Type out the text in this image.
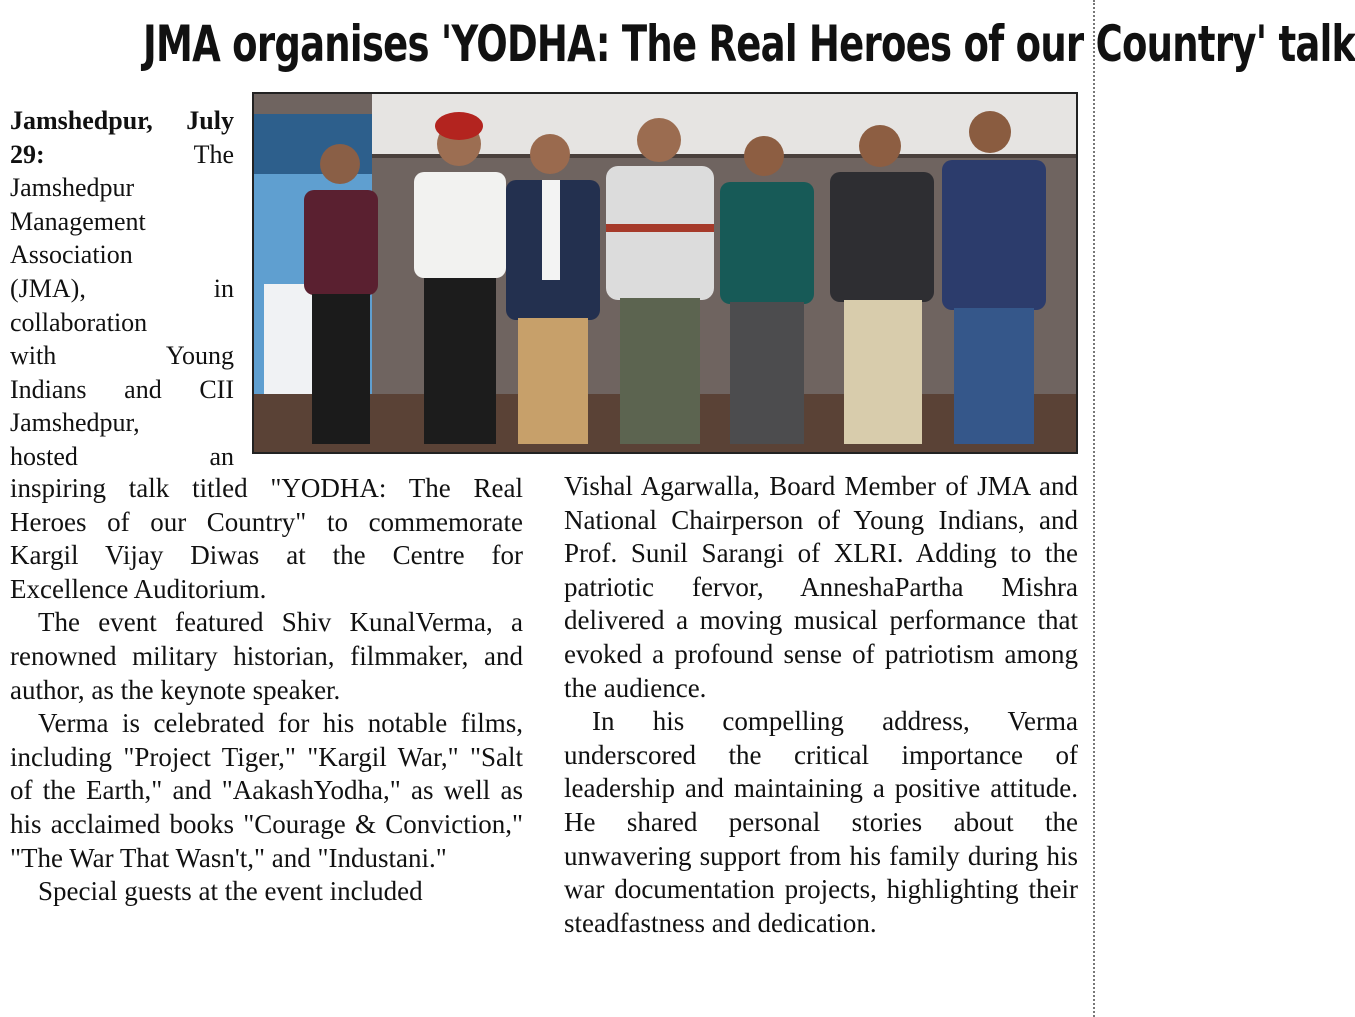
JMA organises 'YODHA: The Real Heroes of our Country' talk

Jamshedpur, July 29:	The

Jamshedpur

Management

Association

(JMA), in

collaboration

with Young

Indians and CII

Jamshedpur,

hosted an

inspiring talk titled "YODHA: The Real Heroes of our Country" to commemorate Kargil Vijay Diwas at the Centre for Excellence Auditorium.

The event featured Shiv KunalVerma, a renowned military historian, filmmaker, and author, as the keynote speaker.

Verma is celebrated for his notable films, including "Project Tiger," "Kargil War," "Salt of the Earth," and "AakashYodha," as well as his acclaimed books "Courage & Conviction," "The War That Wasn't," and "Industani."

Special guests at the event included

Vishal Agarwalla, Board Member of JMA and National Chairperson of Young Indians, and Prof. Sunil Sarangi of XLRI. Adding to the patriotic fervor, AnneshaPartha Mishra delivered a moving musical performance that evoked a profound sense of patriotism among the audience.

In his compelling address, Verma underscored the critical importance of leadership and maintaining a positive attitude. He shared personal stories about the unwavering support from his family during his war documentation projects, highlighting their steadfastness and dedication.
